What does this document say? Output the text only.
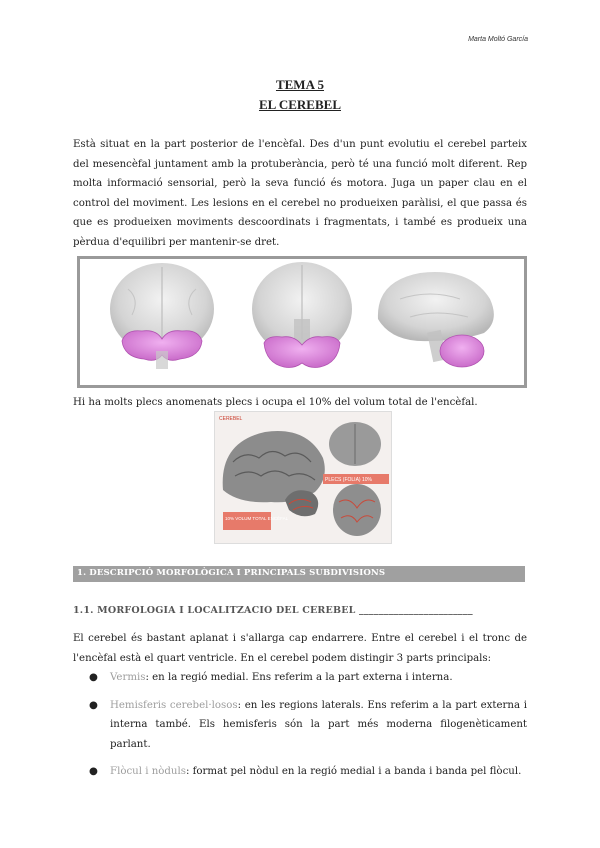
Marta Moltó García
TEMA 5
EL CEREBEL
Està situat en la part posterior de l'encèfal. Des d'un punt evolutiu el cerebel parteix del mesencèfal juntament amb la protuberància, però té una funció molt diferent. Rep molta informació sensorial, però la seva funció és motora. Juga un paper clau en el control del moviment. Les lesions en el cerebel no produeixen paràlisi, el que passa és que es produeixen moviments descoordinats i fragmentats, i també es produeix una pèrdua d'equilibri per mantenir-se dret.
Hi ha molts plecs anomenats plecs i ocupa el 10% del volum total de l'encèfal.
CEREBEL
PLECS (FOLIA) 10%
10% VOLUM TOTAL ENCÈFAL
1. DESCRIPCIÓ MORFOLÒGICA I PRINCIPALS SUBDIVISIONS
1.1. MORFOLOGIA I LOCALITZACIÓ DEL CEREBEL _______________________
El cerebel és bastant aplanat i s'allarga cap endarrere. Entre el cerebel i el tronc de l'encèfal està el quart ventricle. En el cerebel podem distingir 3 parts principals:
● Vermis: en la regió medial. Ens referim a la part externa i interna.
● Hemisferis cerebel·losos: en les regions laterals. Ens referim a la part externa i interna també. Els hemisferis són la part més moderna filogenèticament parlant.
● Flòcul i nòduls: format pel nòdul en la regió medial i a banda i banda pel flòcul.
